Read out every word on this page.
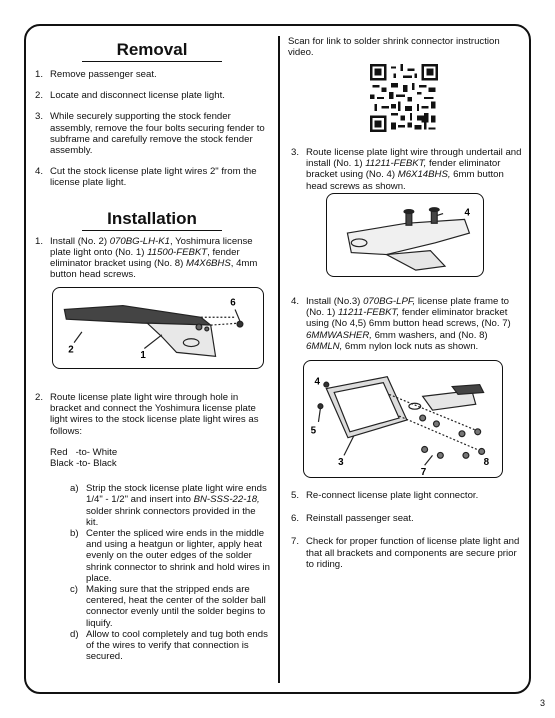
Removal
1. Remove passenger seat.
2. Locate and disconnect license plate light.
3. While securely supporting the stock fender assembly, remove the four bolts securing fender to subframe and carefully remove the stock fender assembly.
4. Cut the stock license plate light wires 2" from the license plate light.
Installation
1. Install (No. 2) 070BG-LH-K1, Yoshimura license plate light onto (No. 1) 11500-FEBKT, fender eliminator bracket using (No. 8) M4X6BHS, 4mm button head screws.
6
2
1
2. Route license plate light wire through hole in bracket and connect the Yoshimura license plate light wires to the stock license plate light wires as follows:
Red   -to- White
Black -to- Black
a) Strip the stock license plate light wire ends 1/4" - 1/2" and insert into BN-SSS-22-18, solder shrink connectors provided in the kit.
b) Center the spliced wire ends in the middle and using a heatgun or lighter, apply heat evenly on the outer edges of the solder shrink connector to shrink and hold wires in place.
c) Making sure that the stripped ends are centered, heat the center of the solder ball connector evenly until the solder begins to liquify.
d) Allow to cool completely and tug both ends of the wires to verify that connection is secured.
Scan for link to solder shrink connector instruction video.
3. Route license plate light wire through undertail and install (No. 1) 11211-FEBKT, fender eliminator bracket using (No. 4) M6X14BHS, 6mm button head screws as shown.
4
4. Install (No.3) 070BG-LPF, license plate frame to (No. 1) 11211-FEBKT, fender eliminator bracket using (No 4,5) 6mm button head screws, (No. 7) 6MMWASHER, 6mm washers, and (No. 8) 6MMLN, 6mm nylon lock nuts as shown.
4
5
3
7
8
5. Re-connect license plate light connector.
6. Reinstall passenger seat.
7. Check for proper function of license plate light and that all brackets and components are secure prior to riding.
3
